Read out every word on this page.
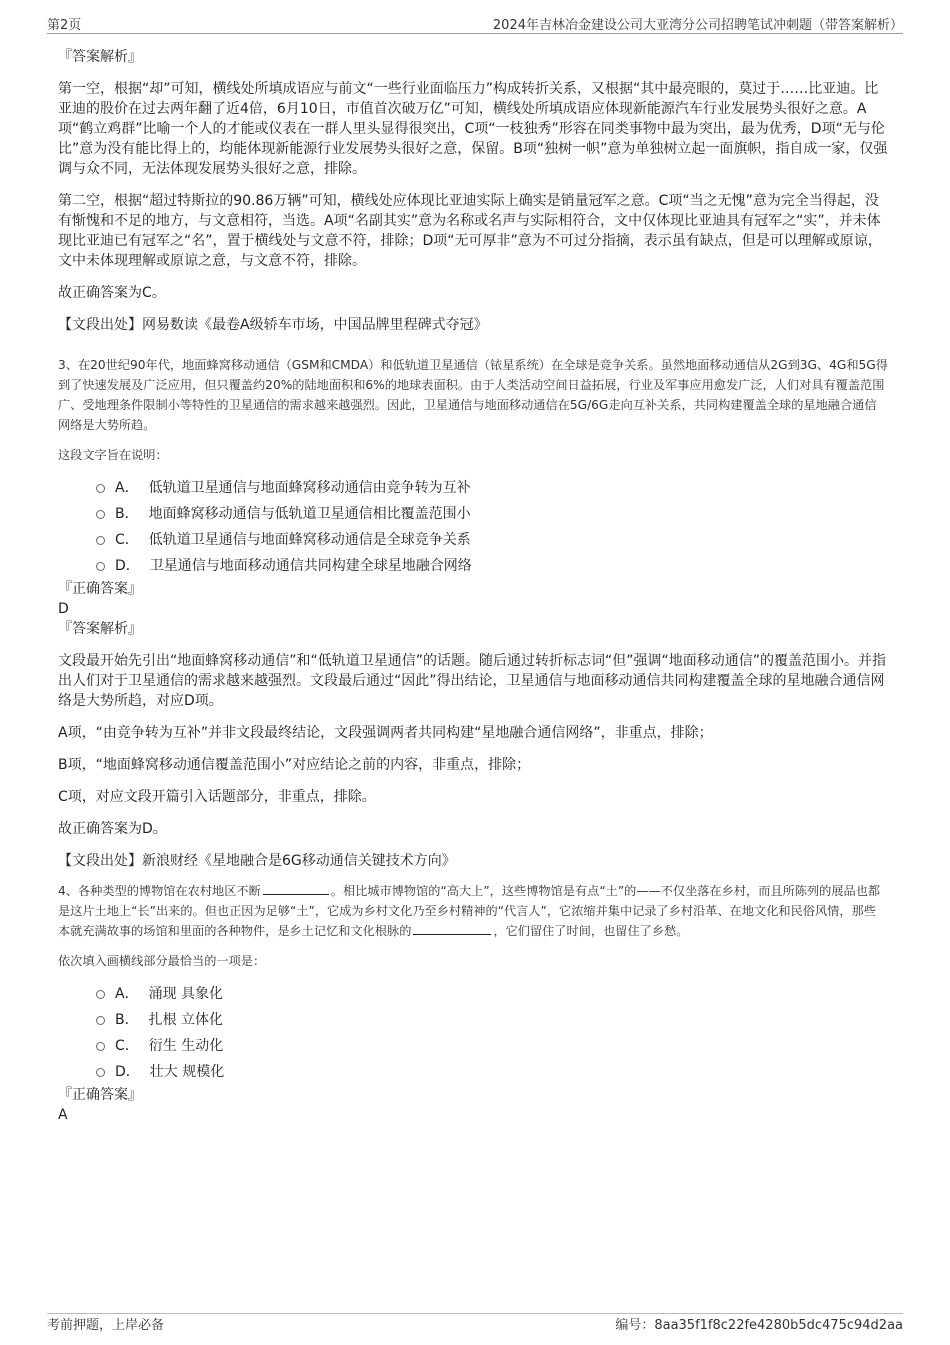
第2页	2024年吉林冶金建设公司大亚湾分公司招聘笔试冲刺题（带答案解析）
『答案解析』

第一空，根据“却”可知，横线处所填成语应与前文“一些行业面临压力”构成转折关系，又根据“其中最亮眼的，莫过于……比亚迪。比亚迪的股价在过去两年翻了近4倍，6月10日，市值首次破万亿”可知，横线处所填成语应体现新能源汽车行业发展势头很好之意。A项“鹤立鸡群”比喻一个人的才能或仪表在一群人里头显得很突出，C项“一枝独秀”形容在同类事物中最为突出，最为优秀，D项“无与伦比”意为没有能比得上的，均能体现新能源行业发展势头很好之意，保留。B项“独树一帜”意为单独树立起一面旗帜，指自成一家，仅强调与众不同，无法体现发展势头很好之意，排除。

第二空，根据“超过特斯拉的90.86万辆”可知，横线处应体现比亚迪实际上确实是销量冠军之意。C项“当之无愧”意为完全当得起，没有惭愧和不足的地方，与文意相符，当选。A项“名副其实”意为名称或名声与实际相符合，文中仅体现比亚迪具有冠军之“实”，并未体现比亚迪已有冠军之“名”，置于横线处与文意不符，排除；D项“无可厚非”意为不可过分指摘，表示虽有缺点，但是可以理解或原谅，文中未体现理解或原谅之意，与文意不符，排除。

故正确答案为C。

【文段出处】网易数读《最卷A级轿车市场，中国品牌里程碑式夺冠》

3、在20世纪90年代，地面蜂窝移动通信（GSM和CMDA）和低轨道卫星通信（铱星系统）在全球是竞争关系。虽然地面移动通信从2G到3G、4G和5G得到了快速发展及广泛应用，但只覆盖约20%的陆地面积和6%的地球表面积。由于人类活动空间日益拓展，行业及军事应用愈发广泛，人们对具有覆盖范围广、受地理条件限制小等特性的卫星通信的需求越来越强烈。因此，卫星通信与地面移动通信在5G/6G走向互补关系，共同构建覆盖全球的星地融合通信网络是大势所趋。

这段文字旨在说明：

A． 低轨道卫星通信与地面蜂窝移动通信由竞争转为互补
B． 地面蜂窝移动通信与低轨道卫星通信相比覆盖范围小
C． 低轨道卫星通信与地面蜂窝移动通信是全球竞争关系
D． 卫星通信与地面移动通信共同构建全球星地融合网络
『正确答案』
D
『答案解析』

文段最开始先引出“地面蜂窝移动通信”和“低轨道卫星通信”的话题。随后通过转折标志词“但”强调“地面移动通信”的覆盖范围小。并指出人们对于卫星通信的需求越来越强烈。文段最后通过“因此”得出结论，卫星通信与地面移动通信共同构建覆盖全球的星地融合通信网络是大势所趋，对应D项。

A项，“由竞争转为互补”并非文段最终结论，文段强调两者共同构建“星地融合通信网络”，非重点，排除；

B项，“地面蜂窝移动通信覆盖范围小”对应结论之前的内容，非重点，排除；

C项，对应文段开篇引入话题部分，非重点，排除。

故正确答案为D。

【文段出处】新浪财经《星地融合是6G移动通信关键技术方向》

4、各种类型的博物馆在农村地区不断	。相比城市博物馆的“高大上”，这些博物馆是有点“土”的——不仅坐落在乡村，而且所陈列的展品也都是这片土地上“长”出来的。但也正因为足够“土”，它成为乡村文化乃至乡村精神的“代言人”，它浓缩并集中记录了乡村沿革、在地文化和民俗风情，那些本就充满故事的场馆和里面的各种物件，是乡土记忆和文化根脉的	，它们留住了时间，也留住了乡愁。

依次填入画横线部分最恰当的一项是：

A． 涌现 具象化
B． 扎根 立体化
C． 衍生 生动化
D． 壮大 规模化
『正确答案』
A
考前押题，上岸必备	编号：8aa35f1f8c22fe4280b5dc475c94d2aa
